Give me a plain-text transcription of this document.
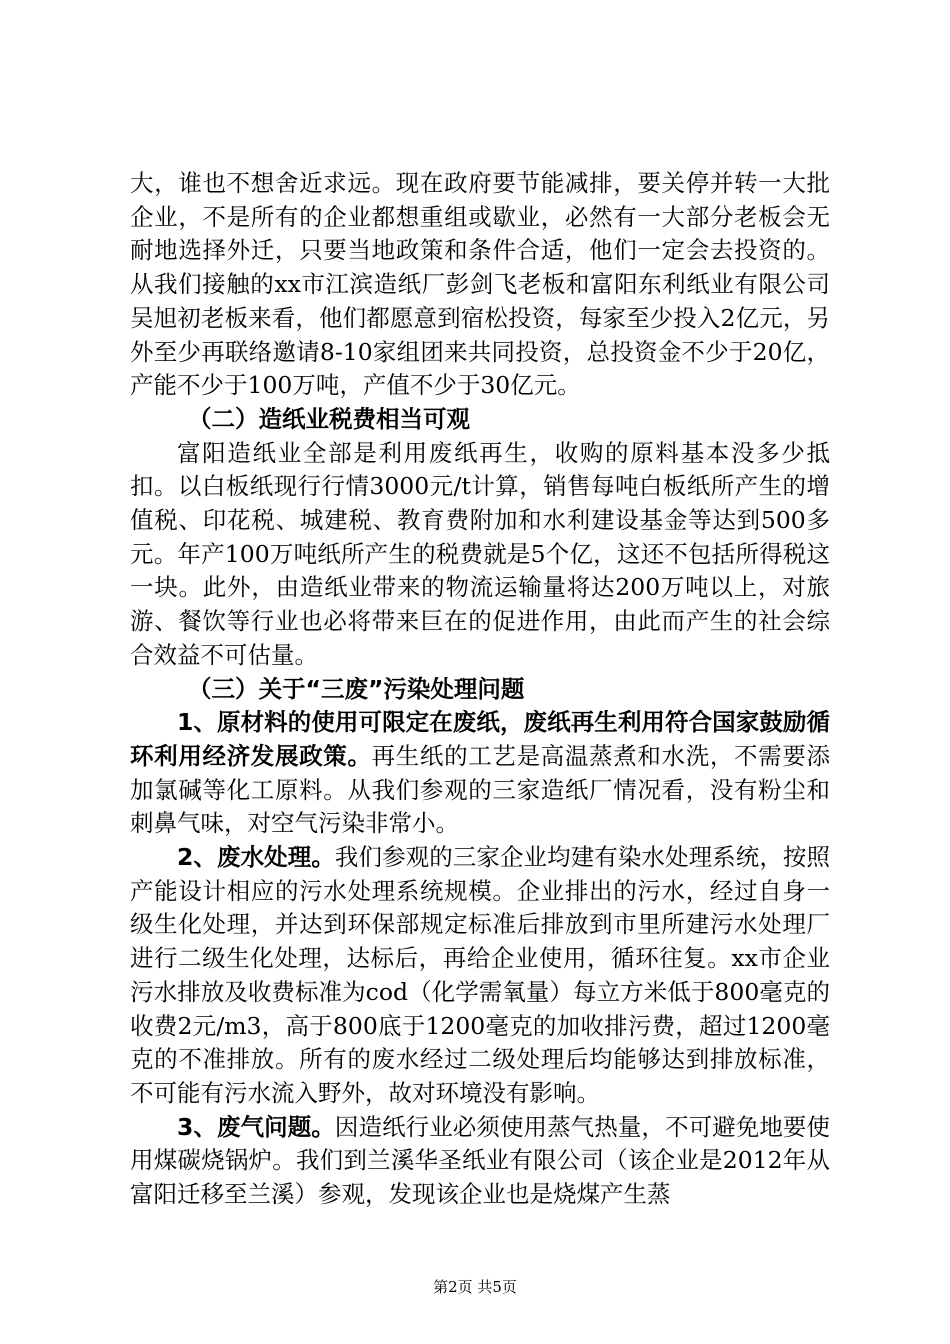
大，谁也不想舍近求远。现在政府要节能减排，要关停并转一大批企业，不是所有的企业都想重组或歇业，必然有一大部分老板会无耐地选择外迁，只要当地政策和条件合适，他们一定会去投资的。从我们接触的xx市江滨造纸厂彭剑飞老板和富阳东利纸业有限公司吴旭初老板来看，他们都愿意到宿松投资，每家至少投入2亿元，另外至少再联络邀请8-10家组团来共同投资，总投资金不少于20亿，产能不少于100万吨，产值不少于30亿元。

（二）造纸业税费相当可观

富阳造纸业全部是利用废纸再生，收购的原料基本没多少抵扣。以白板纸现行行情3000元/t计算，销售每吨白板纸所产生的增值税、印花税、城建税、教育费附加和水利建设基金等达到500多元。年产100万吨纸所产生的税费就是5个亿，这还不包括所得税这一块。此外，由造纸业带来的物流运输量将达200万吨以上，对旅游、餐饮等行业也必将带来巨在的促进作用，由此而产生的社会综合效益不可估量。

（三）关于“三废”污染处理问题

1、原材料的使用可限定在废纸，废纸再生利用符合国家鼓励循环利用经济发展政策。再生纸的工艺是高温蒸煮和水洗，不需要添加氯碱等化工原料。从我们参观的三家造纸厂情况看，没有粉尘和刺鼻气味，对空气污染非常小。

2、废水处理。我们参观的三家企业均建有染水处理系统，按照产能设计相应的污水处理系统规模。企业排出的污水，经过自身一级生化处理，并达到环保部规定标准后排放到市里所建污水处理厂进行二级生化处理，达标后，再给企业使用，循环往复。xx市企业污水排放及收费标准为cod（化学需氧量）每立方米低于800毫克的收费2元/m3，高于800底于1200毫克的加收排污费，超过1200毫克的不准排放。所有的废水经过二级处理后均能够达到排放标准，不可能有污水流入野外，故对环境没有影响。

3、废气问题。因造纸行业必须使用蒸气热量，不可避免地要使用煤碳烧锅炉。我们到兰溪华圣纸业有限公司（该企业是2012年从富阳迁移至兰溪）参观，发现该企业也是烧煤产生蒸

第2页 共5页
